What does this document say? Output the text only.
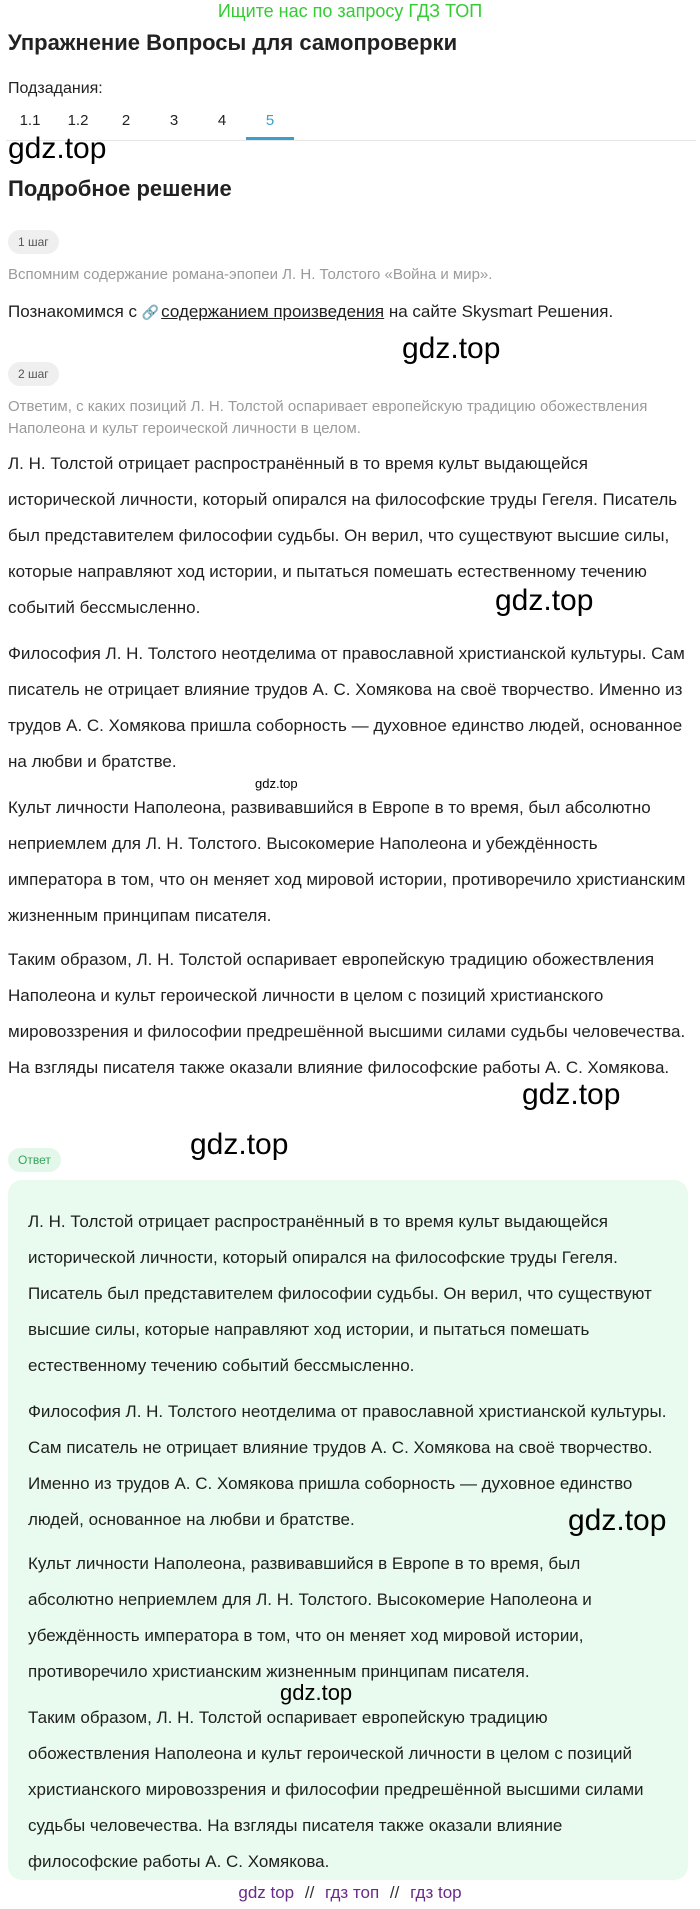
Ищите нас по запросу ГДЗ ТОП
Упражнение Вопросы для самопроверки
Подзадания:
1.1	1.2	2	3	4	5
gdz.top
Подробное решение
1 шаг
Вспомним содержание романа-эпопеи Л. Н. Толстого «Война и мир».
Познакомимся с 🔗 содержанием произведения на сайте Skysmart Решения.
gdz.top
2 шаг
Ответим, с каких позиций Л. Н. Толстой оспаривает европейскую традицию обожествления Наполеона и культ героической личности в целом.
Л. Н. Толстой отрицает распространённый в то время культ выдающейся исторической личности, который опирался на философские труды Гегеля. Писатель был представителем философии судьбы. Он верил, что существуют высшие силы, которые направляют ход истории, и пытаться помешать естественному течению событий бессмысленно.	gdz.top
Философия Л. Н. Толстого неотделима от православной христианской культуры. Сам писатель не отрицает влияние трудов А. С. Хомякова на своё творчество. Именно из трудов А. С. Хомякова пришла соборность — духовное единство людей, основанное на любви и братстве.
gdz.top
Культ личности Наполеона, развивавшийся в Европе в то время, был абсолютно неприемлем для Л. Н. Толстого. Высокомерие Наполеона и убеждённость императора в том, что он меняет ход мировой истории, противоречило христианским жизненным принципам писателя.
Таким образом, Л. Н. Толстой оспаривает европейскую традицию обожествления Наполеона и культ героической личности в целом с позиций христианского мировоззрения и философии предрешённой высшими силами судьбы человечества. На взгляды писателя также оказали влияние философские работы А. С. Хомякова.
gdz.top
gdz.top
Ответ
Л. Н. Толстой отрицает распространённый в то время культ выдающейся исторической личности, который опирался на философские труды Гегеля. Писатель был представителем философии судьбы. Он верил, что существуют высшие силы, которые направляют ход истории, и пытаться помешать естественному течению событий бессмысленно.
Философия Л. Н. Толстого неотделима от православной христианской культуры. Сам писатель не отрицает влияние трудов А. С. Хомякова на своё творчество. Именно из трудов А. С. Хомякова пришла соборность — духовное единство людей, основанное на любви и братстве.	gdz.top
Культ личности Наполеона, развивавшийся в Европе в то время, был абсолютно неприемлем для Л. Н. Толстого. Высокомерие Наполеона и убеждённость императора в том, что он меняет ход мировой истории, противоречило христианским жизненным принципам писателя.
gdz.top
Таким образом, Л. Н. Толстой оспаривает европейскую традицию обожествления Наполеона и культ героической личности в целом с позиций христианского мировоззрения и философии предрешённой высшими силами судьбы человечества. На взгляды писателя также оказали влияние философские работы А. С. Хомякова.
gdz top // гдз топ // гдз top
